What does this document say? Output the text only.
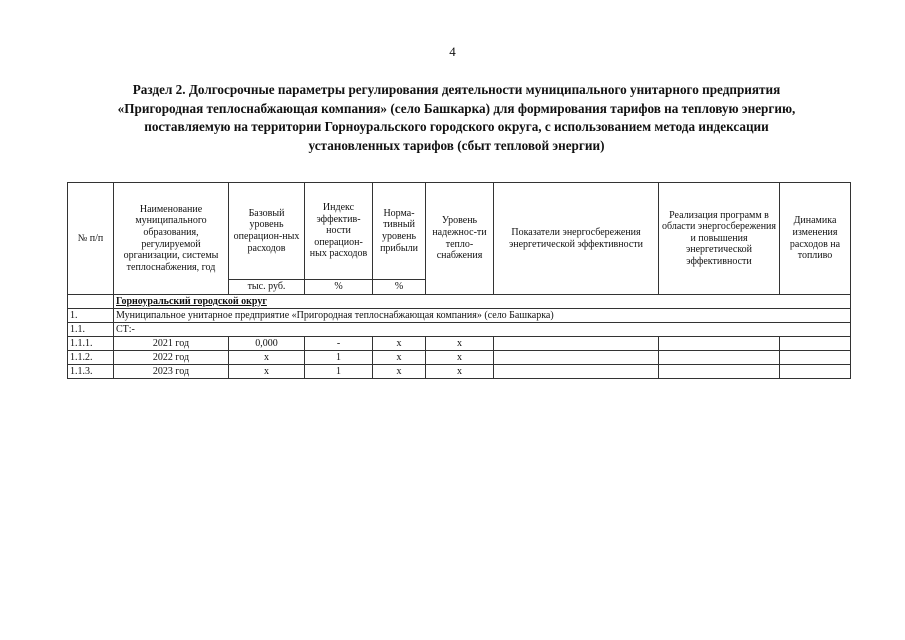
4
Раздел 2. Долгосрочные параметры регулирования деятельности муниципального унитарного предприятия
«Пригородная теплоснабжающая компания» (село Башкарка) для формирования тарифов на тепловую энергию,
поставляемую на территории Горноуральского городского округа, с использованием метода индексации
установленных тарифов (сбыт тепловой энергии)
№ п/п	Наименование муниципального образования, регулируемой организации, системы теплоснабжения, год	Базовый уровень операцион-ных расходов	Индекс эффектив-ности операцион-ных расходов	Норма-тивный уровень прибыли	Уровень надежнос-ти тепло-снабжения	Показатели энергосбережения энергетической эффективности	Реализация программ в области энергосбережения и повышения энергетической эффективности	Динамика изменения расходов на топливо
		тыс. руб.	%	%				
	Горноуральский городской округ							
1.	Муниципальное унитарное предприятие «Пригородная теплоснабжающая компания» (село Башкарка)							
1.1.	СТ:-							
1.1.1.	2021 год	0,000	-	x	x			
1.1.2.	2022 год	x	1	x	x			
1.1.3.	2023 год	x	1	x	x			
